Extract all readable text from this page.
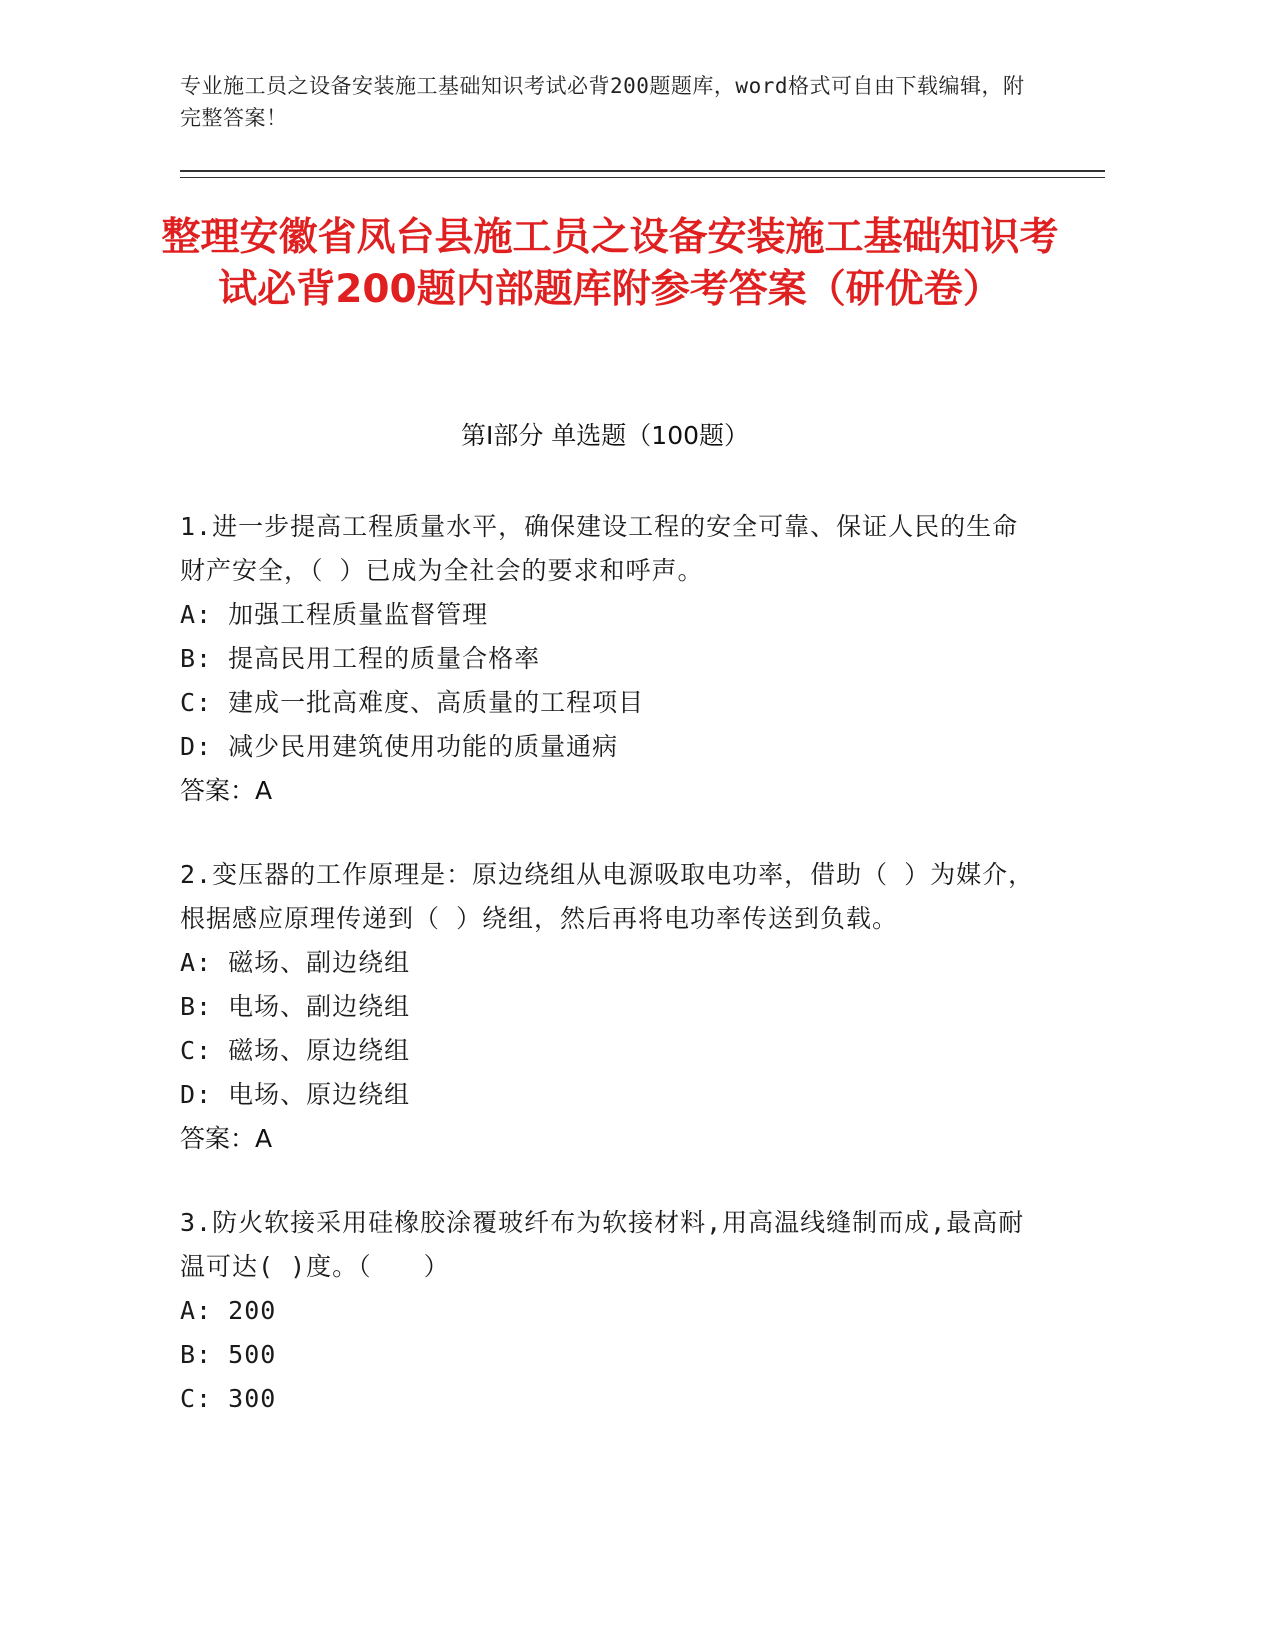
专业施工员之设备安装施工基础知识考试必背200题题库，word格式可自由下载编辑，附完整答案！
整理安徽省凤台县施工员之设备安装施工基础知识考试必背200题内部题库附参考答案（研优卷）
第I部分 单选题（100题）
1.进一步提高工程质量水平，确保建设工程的安全可靠、保证人民的生命财产安全，（ ）已成为全社会的要求和呼声。
A: 加强工程质量监督管理
B: 提高民用工程的质量合格率
C: 建成一批高难度、高质量的工程项目
D: 减少民用建筑使用功能的质量通病
答案：A
2.变压器的工作原理是：原边绕组从电源吸取电功率，借助（ ）为媒介，根据感应原理传递到（ ）绕组，然后再将电功率传送到负载。
A: 磁场、副边绕组
B: 电场、副边绕组
C: 磁场、原边绕组
D: 电场、原边绕组
答案：A
3.防火软接采用硅橡胶涂覆玻纤布为软接材料,用高温线缝制而成,最高耐温可达( )度。（　　）
A: 200
B: 500
C: 300
